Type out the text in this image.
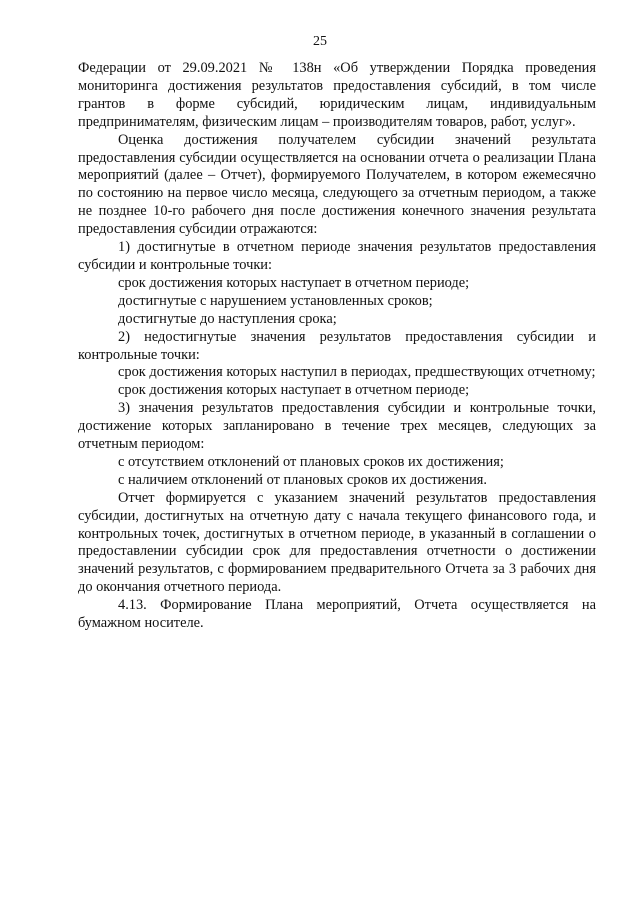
25

Федерации от 29.09.2021 № 138н «Об утверждении Порядка проведения мониторинга достижения результатов предоставления субсидий, в том числе грантов в форме субсидий, юридическим лицам, индивидуальным предпринимателям, физическим лицам – производителям товаров, работ, услуг».

Оценка достижения получателем субсидии значений результата предоставления субсидии осуществляется на основании отчета о реализации Плана мероприятий (далее – Отчет), формируемого Получателем, в котором ежемесячно по состоянию на первое число месяца, следующего за отчетным периодом, а также не позднее 10-го рабочего дня после достижения конечного значения результата предоставления субсидии отражаются:

1) достигнутые в отчетном периоде значения результатов предоставления субсидии и контрольные точки:

срок достижения которых наступает в отчетном периоде;

достигнутые с нарушением установленных сроков;

достигнутые до наступления срока;

2) недостигнутые значения результатов предоставления субсидии и контрольные точки:

срок достижения которых наступил в периодах, предшествующих отчетному;

срок достижения которых наступает в отчетном периоде;

3) значения результатов предоставления субсидии и контрольные точки, достижение которых запланировано в течение трех месяцев, следующих за отчетным периодом:

с отсутствием отклонений от плановых сроков их достижения;

с наличием отклонений от плановых сроков их достижения.

Отчет формируется с указанием значений результатов предоставления субсидии, достигнутых на отчетную дату с начала текущего финансового года, и контрольных точек, достигнутых в отчетном периоде, в указанный в соглашении о предоставлении субсидии срок для предоставления отчетности о достижении значений результатов, с формированием предварительного Отчета за 3 рабочих дня до окончания отчетного периода.

4.13. Формирование Плана мероприятий, Отчета осуществляется на бумажном носителе.
